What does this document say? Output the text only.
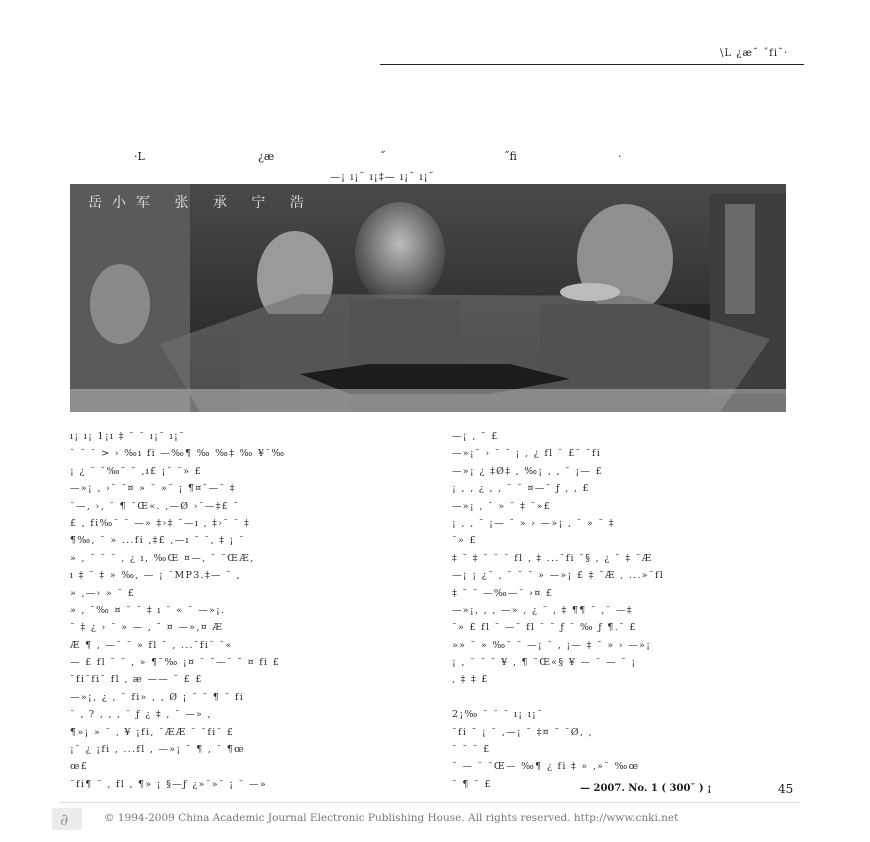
\L ¿æ˘ ˝fi˘·
·L	¿æ	˝	˝fi	·
—¡ ı¡˘ ı¡‡— ı¡˘ ı¡˘
岳小军 张 承 宁 浩
ı¡ ı¡ 1¡ı ‡ ˘ ˘ ı¡˘ ı¡˘
˘ ˘ ˘ > › ‰ı fi —‰¶ ‰ ‰‡ ‰ ¥˘‰
¡ ¿ ˘ ˘‰˘ ˘ ‚ı£ ¡˘ ˘» £
—»¡ ‚ ›˘ ˘¤ » ˘ »˘ ¡ ¶¤˘—˘ ‡
˘—‚ ›‚ ˘ ¶ ˘Œ«. ‚—Ø ›˘—‡£ ˘
£ ‚ fi‰˘ ˘ —» ‡›‡ ˘—ı ‚ ‡›˘ ˘ ‡
¶‰‚ ˘ » ...fi ‚‡£ ‚—ı ˘ ˘‚ ‡ ¡ ˘
» ‚ ˘ ˘ ˘ ‚ ¿ ı‚ ‰Œ ¤—‚ ˘ ˘ŒÆ‚
ı ‡ ˘ ‡ » ‰‚ — ¡ ˘MP3.‡— ˘ ‚
» ‚—› » ˘ £
» ‚ ˘‰ ¤ ˘ ˘ ‡ ı ˘ « ˘ —»¡.
˘ ‡ ¿ › ˘ » — ‚ ¯ ¤ —»‚¤ Æ
Æ ¶ ‚ —˘ ˘ » fl ˘ ‚ ...˘fi˘ ˘«
— £ fl ˘ ˘ ‚ » ¶˘‰ ¡¤ ˘ ˘—˘ ¯ ¤ fi £
˘fi˘fi˘ fl ‚ æ —— ˘ £ £
—»¡‚ ¿ ‚ ˘ fi» ‚ ‚ Ø ¡ ˘ ˘ ¶ ˘ fi
˘ ‚ ? ‚ ‚ ‚ ˘ ƒ ¿ ‡ ‚ ˘ —» ‚
¶»¡ » ˘ ‚ ¥ ¡fi‚ ˘ÆÆ ˘ ˘fi˘ £
¡˘ ¿ ¡fi ‚ ...fl ‚ —»¡ ˘ ¶ ‚ ˘ ¶œ
œ£
˘fi¶ ˘ ‚ fl ‚ ¶» ¡ §—ƒ ¿»˘»˘ ¡ ˘ —»
—¡ ‚ ˘ £
—»¡˘ › ˘ ˘ ¡ ‚ ¿ fl ˘ £˘ ˘fi
—»¡ ¿ ‡Ø‡ ‚ ‰¡ ‚ ‚ ˘ ¡— £
¡ ‚ ‚ ¿ ‚ ‚ ˘ ˘ ¤—˘ ƒ ‚ ‚ £
—»¡ ‚ ˘ » ˘ ‡ ˘»£
¡ ‚ ‚ ˘ ¡— ˘ » › —»¡ ‚ ˘ » ˘ ‡
˘» £
‡ ˘ ‡ ˘ ˘ ˘ fl ‚ ‡ ...˘fi ˘§ ‚ ¿ ˘ ‡ ˘Æ
—¡ ¡ ¿˘ ‚ ˘ ˘ ˘ » —»¡ £ ‡ ˘Æ ‚ ...»˘fl
‡ ˘ ˘ —‰—˘ ›¤ £
—»¡‚ ‚ ‚ —» ‚ ¿ ˘ ‚ ‡ ¶¶ ˘ ‚˘ —‡
˘» £ fl ˘ —˘ fl ˘ ˘ ƒ ˘ ‰ ƒ ¶.˘ £
»» ˘ » ‰˘ ˘ —¡ ˘ ‚ ¡— ‡ ˘ » › —»¡
¡ ‚ ˘ ˘ ˘ ¥ ‚ ¶ ˘Œ«§ ¥ — ˘ — ˘ ¡
‚ ‡ ‡ £
2¡‰ ˘ ˘ ˘ ı¡ ı¡˘
˘fi ¯ ¡ ˘ ‚—¡ ˘ ‡¤ ˘ ˘Ø‚ ‚
˘ ˘ ˘ £
˘ — ˘ ˘Œ— ‰¶ ¿ fi ‡ » ‚»˘ ‰œ
˘ ¶ ˘ £	— 2007. No. 1 ( 300˘ ) ¡	45
∂	© 1994-2009 China Academic Journal Electronic Publishing House. All rights reserved. http://www.cnki.net
